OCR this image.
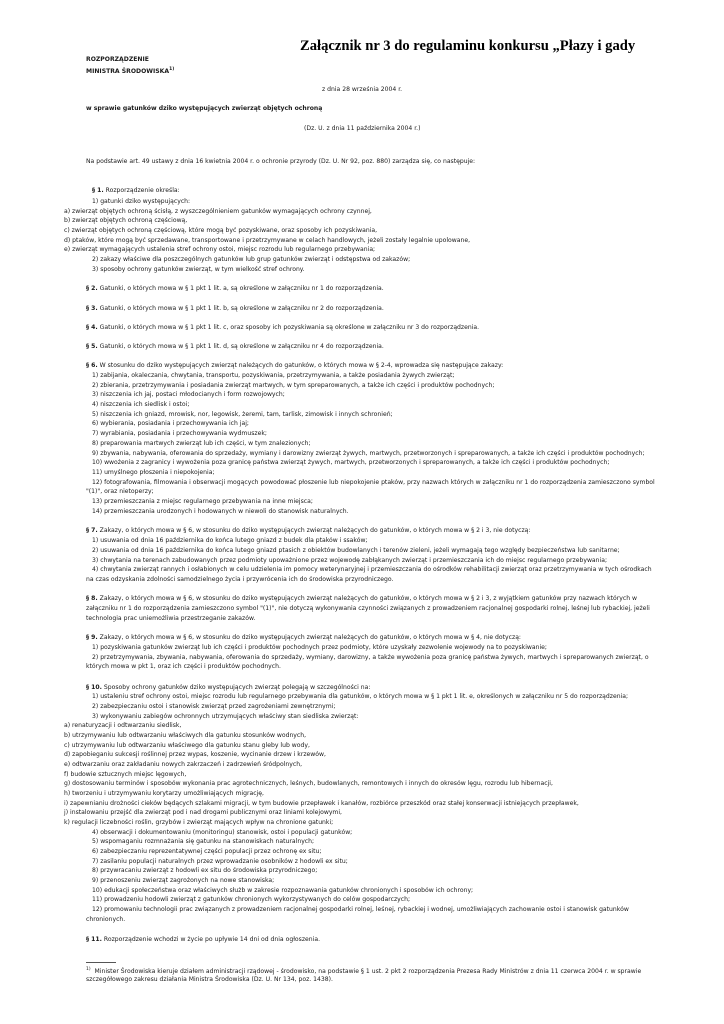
Załącznik nr 3 do regulaminu konkursu „Płazy i gady
ROZPORZĄDZENIE
MINISTRA ŚRODOWISKA$^{1)}$
z dnia 28 września 2004 r.
w sprawie gatunków dziko występujących zwierząt objętych ochroną
(Dz. U. z dnia 11 października 2004 r.)
Na podstawie art. 49 ustawy z dnia 16 kwietnia 2004 r. o ochronie przyrody (Dz. U. Nr 92, poz. 880) zarządza się, co następuje:
§ 1. Rozporządzenie określa:
1) gatunki dziko występujących:
a) zwierząt objętych ochroną ścisłą, z wyszczególnieniem gatunków wymagających ochrony czynnej,
b) zwierząt objętych ochroną częściową,
c) zwierząt objętych ochroną częściową, które mogą być pozyskiwane, oraz sposoby ich pozyskiwania,
d) ptaków, które mogą być sprzedawane, transportowane i przetrzymywane w celach handlowych, jeżeli zostały legalnie upolowane,
e) zwierząt wymagających ustalenia stref ochrony ostoi, miejsc rozrodu lub regularnego przebywania;
2) zakazy właściwe dla poszczególnych gatunków lub grup gatunków zwierząt i odstępstwa od zakazów;
3) sposoby ochrony gatunków zwierząt, w tym wielkość stref ochrony.
§ 2. Gatunki, o których mowa w § 1 pkt 1 lit. a, są określone w załączniku nr 1 do rozporządzenia.
§ 3. Gatunki, o których mowa w § 1 pkt 1 lit. b, są określone w załączniku nr 2 do rozporządzenia.
§ 4. Gatunki, o których mowa w § 1 pkt 1 lit. c, oraz sposoby ich pozyskiwania są określone w załączniku nr 3 do rozporządzenia.
§ 5. Gatunki, o których mowa w § 1 pkt 1 lit. d, są określone w załączniku nr 4 do rozporządzenia.
§ 6. W stosunku do dziko występujących zwierząt należących do gatunków, o których mowa w § 2-4, wprowadza się następujące zakazy:
1) zabijania, okaleczania, chwytania, transportu, pozyskiwania, przetrzymywania, a także posiadania żywych zwierząt;
2) zbierania, przetrzymywania i posiadania zwierząt martwych, w tym spreparowanych, a także ich części i produktów pochodnych;
3) niszczenia ich jaj, postaci młodocianych i form rozwojowych;
4) niszczenia ich siedlisk i ostoi;
5) niszczenia ich gniazd, mrowisk, nor, legowisk, żeremi, tam, tarlisk, zimowisk i innych schronień;
6) wybierania, posiadania i przechowywania ich jaj;
7) wyrabiania, posiadania i przechowywania wydmuszek;
8) preparowania martwych zwierząt lub ich części, w tym znalezionych;
9) zbywania, nabywania, oferowania do sprzedaży, wymiany i darowizny zwierząt żywych, martwych, przetworzonych i spreparowanych, a także ich części i produktów pochodnych;
10) wwożenia z zagranicy i wywożenia poza granicę państwa zwierząt żywych, martwych, przetworzonych i spreparowanych, a także ich części i produktów pochodnych;
11) umyślnego płoszenia i niepokojenia;
12) fotografowania, filmowania i obserwacji mogących powodować płoszenie lub niepokojenie ptaków, przy nazwach których w załączniku nr 1 do rozporządzenia zamieszczono symbol
"(1)", oraz nietoperzy;
13) przemieszczania z miejsc regularnego przebywania na inne miejsca;
14) przemieszczania urodzonych i hodowanych w niewoli do stanowisk naturalnych.
§ 7. Zakazy, o których mowa w § 6, w stosunku do dziko występujących zwierząt należących do gatunków, o których mowa w § 2 i 3, nie dotyczą:
1) usuwania od dnia 16 października do końca lutego gniazd z budek dla ptaków i ssaków;
2) usuwania od dnia 16 października do końca lutego gniazd ptasich z obiektów budowlanych i terenów zieleni, jeżeli wymagają tego względy bezpieczeństwa lub sanitarne;
3) chwytania na terenach zabudowanych przez podmioty upoważnione przez wojewodę zabłąkanych zwierząt i przemieszczania ich do miejsc regularnego przebywania;
4) chwytania zwierząt rannych i osłabionych w celu udzielenia im pomocy weterynaryjnej i przemieszczania do ośrodków rehabilitacji zwierząt oraz przetrzymywania w tych ośrodkach
na czas odzyskania zdolności samodzielnego życia i przywrócenia ich do środowiska przyrodniczego.
§ 8. Zakazy, o których mowa w § 6, w stosunku do dziko występujących zwierząt należących do gatunków, o których mowa w § 2 i 3, z wyjątkiem gatunków przy nazwach których w
załączniku nr 1 do rozporządzenia zamieszczono symbol "(1)", nie dotyczą wykonywania czynności związanych z prowadzeniem racjonalnej gospodarki rolnej, leśnej lub rybackiej, jeżeli
technologia prac uniemożliwia przestrzeganie zakazów.
§ 9. Zakazy, o których mowa w § 6, w stosunku do dziko występujących zwierząt należących do gatunków, o których mowa w § 4, nie dotyczą:
1) pozyskiwania gatunków zwierząt lub ich części i produktów pochodnych przez podmioty, które uzyskały zezwolenie wojewody na to pozyskiwanie;
2) przetrzymywania, zbywania, nabywania, oferowania do sprzedaży, wymiany, darowizny, a także wywożenia poza granicę państwa żywych, martwych i spreparowanych zwierząt, o
których mowa w pkt 1, oraz ich części i produktów pochodnych.
§ 10. Sposoby ochrony gatunków dziko występujących zwierząt polegają w szczególności na:
1) ustaleniu stref ochrony ostoi, miejsc rozrodu lub regularnego przebywania dla gatunków, o których mowa w § 1 pkt 1 lit. e, określonych w załączniku nr 5 do rozporządzenia;
2) zabezpieczaniu ostoi i stanowisk zwierząt przed zagrożeniami zewnętrznymi;
3) wykonywaniu zabiegów ochronnych utrzymujących właściwy stan siedliska zwierząt:
a) renaturyzacji i odtwarzaniu siedlisk,
b) utrzymywaniu lub odtwarzaniu właściwych dla gatunku stosunków wodnych,
c) utrzymywaniu lub odtwarzaniu właściwego dla gatunku stanu gleby lub wody,
d) zapobieganiu sukcesji roślinnej przez wypas, koszenie, wycinanie drzew i krzewów,
e) odtwarzaniu oraz zakładaniu nowych zakrzaczeń i zadrzewień śródpolnych,
f) budowie sztucznych miejsc lęgowych,
g) dostosowaniu terminów i sposobów wykonania prac agrotechnicznych, leśnych, budowlanych, remontowych i innych do okresów lęgu, rozrodu lub hibernacji,
h) tworzeniu i utrzymywaniu korytarzy umożliwiających migrację,
i) zapewnianiu drożności cieków będących szlakami migracji, w tym budowie przepławek i kanałów, rozbiórce przeszkód oraz stałej konserwacji istniejących przepławek,
j) instalowaniu przejść dla zwierząt pod i nad drogami publicznymi oraz liniami kolejowymi,
k) regulacji liczebności roślin, grzybów i zwierząt mających wpływ na chronione gatunki;
4) obserwacji i dokumentowaniu (monitoringu) stanowisk, ostoi i populacji gatunków;
5) wspomaganiu rozmnażania się gatunku na stanowiskach naturalnych;
6) zabezpieczaniu reprezentatywnej części populacji przez ochronę ex situ;
7) zasilaniu populacji naturalnych przez wprowadzanie osobników z hodowli ex situ;
8) przywracaniu zwierząt z hodowli ex situ do środowiska przyrodniczego;
9) przenoszeniu zwierząt zagrożonych na nowe stanowiska;
10) edukacji społeczeństwa oraz właściwych służb w zakresie rozpoznawania gatunków chronionych i sposobów ich ochrony;
11) prowadzeniu hodowli zwierząt z gatunków chronionych wykorzystywanych do celów gospodarczych;
12) promowaniu technologii prac związanych z prowadzeniem racjonalnej gospodarki rolnej, leśnej, rybackiej i wodnej, umożliwiających zachowanie ostoi i stanowisk gatunków
chronionych.
§ 11. Rozporządzenie wchodzi w życie po upływie 14 dni od dnia ogłoszenia.
$^{1)}$ Minister Środowiska kieruje działem administracji rządowej - środowisko, na podstawie § 1 ust. 2 pkt 2 rozporządzenia Prezesa Rady Ministrów z dnia 11 czerwca 2004 r. w sprawie
szczegółowego zakresu działania Ministra Środowiska (Dz. U. Nr 134, poz. 1438).
